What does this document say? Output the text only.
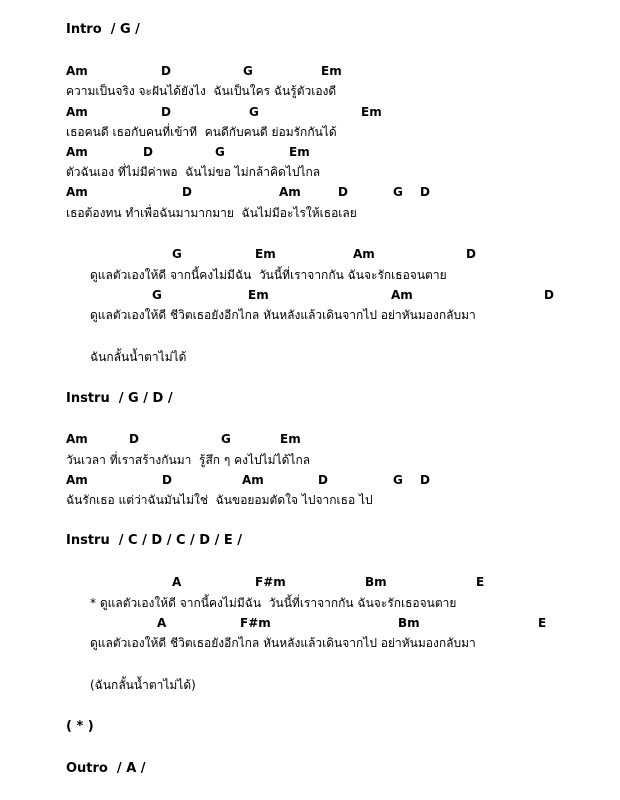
Intro  / G /
Am	D	G	Em
ความเป็นจริง จะฝันได้ยังไง  ฉันเป็นใคร ฉันรู้ตัวเองดี
Am	D	G	Em
เธอคนดี เธอกับคนที่เข้าที  คนดีกับคนดี ย่อมรักกันได้
Am	D	G	Em
ตัวฉันเอง ที่ไม่มีค่าพอ  ฉันไม่ขอ ไม่กล้าคิดไปไกล
Am	D	Am	D	G D
เธอต้องทน ทำเพื่อฉันมามากมาย  ฉันไม่มีอะไรให้เธอเลย
G	Em	Am	D
ดูแลตัวเองให้ดี จากนี้คงไม่มีฉัน  วันนี้ที่เราจากกัน ฉันจะรักเธอจนตาย
G	Em	Am	D
ดูแลตัวเองให้ดี ชีวิตเธอยังอีกไกล หันหลังแล้วเดินจากไป อย่าหันมองกลับมา
ฉันกลั้นน้ำตาไม่ได้
Instru  / G / D /
Am	D	G	Em
วันเวลา ที่เราสร้างกันมา  รู้สึก ๆ คงไปไม่ได้ไกล
Am	D	Am	D	G D
ฉันรักเธอ แต่ว่าฉันมันไม่ใช่  ฉันขอยอมตัดใจ ไปจากเธอ ไป
Instru  / C / D / C / D / E /
A	F#m	Bm	E
* ดูแลตัวเองให้ดี จากนี้คงไม่มีฉัน  วันนี้ที่เราจากกัน ฉันจะรักเธอจนตาย
A	F#m	Bm	E
ดูแลตัวเองให้ดี ชีวิตเธอยังอีกไกล หันหลังแล้วเดินจากไป อย่าหันมองกลับมา
(ฉันกลั้นน้ำตาไม่ได้)
( * )
Outro  / A /
